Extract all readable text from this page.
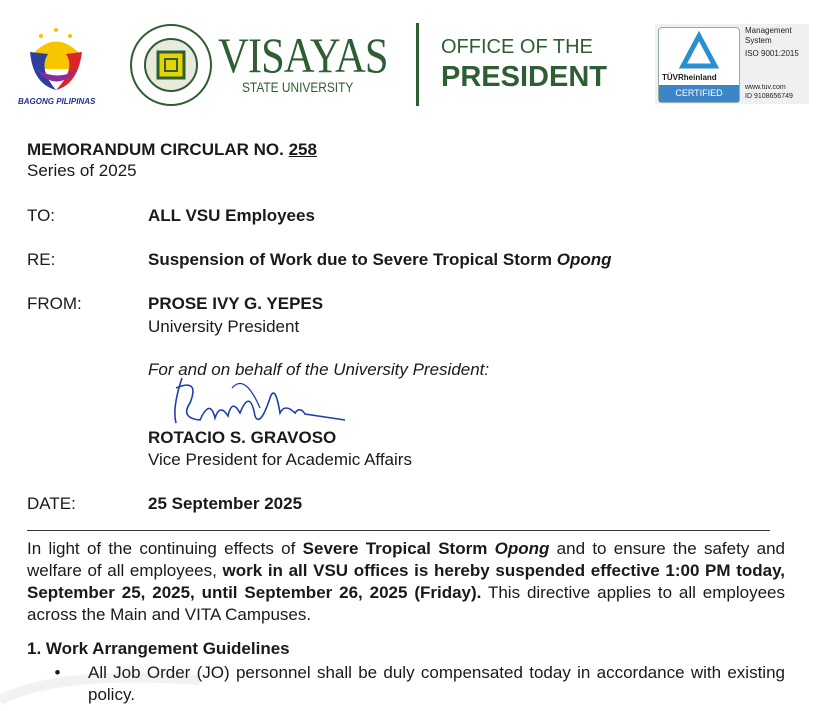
BAGONG PILIPINAS
VISAYAS
STATE UNIVERSITY
OFFICE OF THE
PRESIDENT	TÜVRheinland
CERTIFIED
Management
System
ISO 9001:2015
www.tuv.com
ID 9108656749
MEMORANDUM CIRCULAR NO. 258
Series of 2025
TO:	ALL VSU Employees
RE:	Suspension of Work due to Severe Tropical Storm Opong
FROM:	PROSE IVY G. YEPES
University President
For and on behalf of the University President:
ROTACIO S. GRAVOSO
Vice President for Academic Affairs
DATE:	25 September 2025
In light of the continuing effects of Severe Tropical Storm Opong and to ensure the safety and welfare of all employees, work in all VSU offices is hereby suspended effective 1:00 PM today, September 25, 2025, until September 26, 2025 (Friday). This directive applies to all employees across the Main and VITA Campuses.
1. Work Arrangement Guidelines
•	All Job Order (JO) personnel shall be duly compensated today in accordance with existing policy.
